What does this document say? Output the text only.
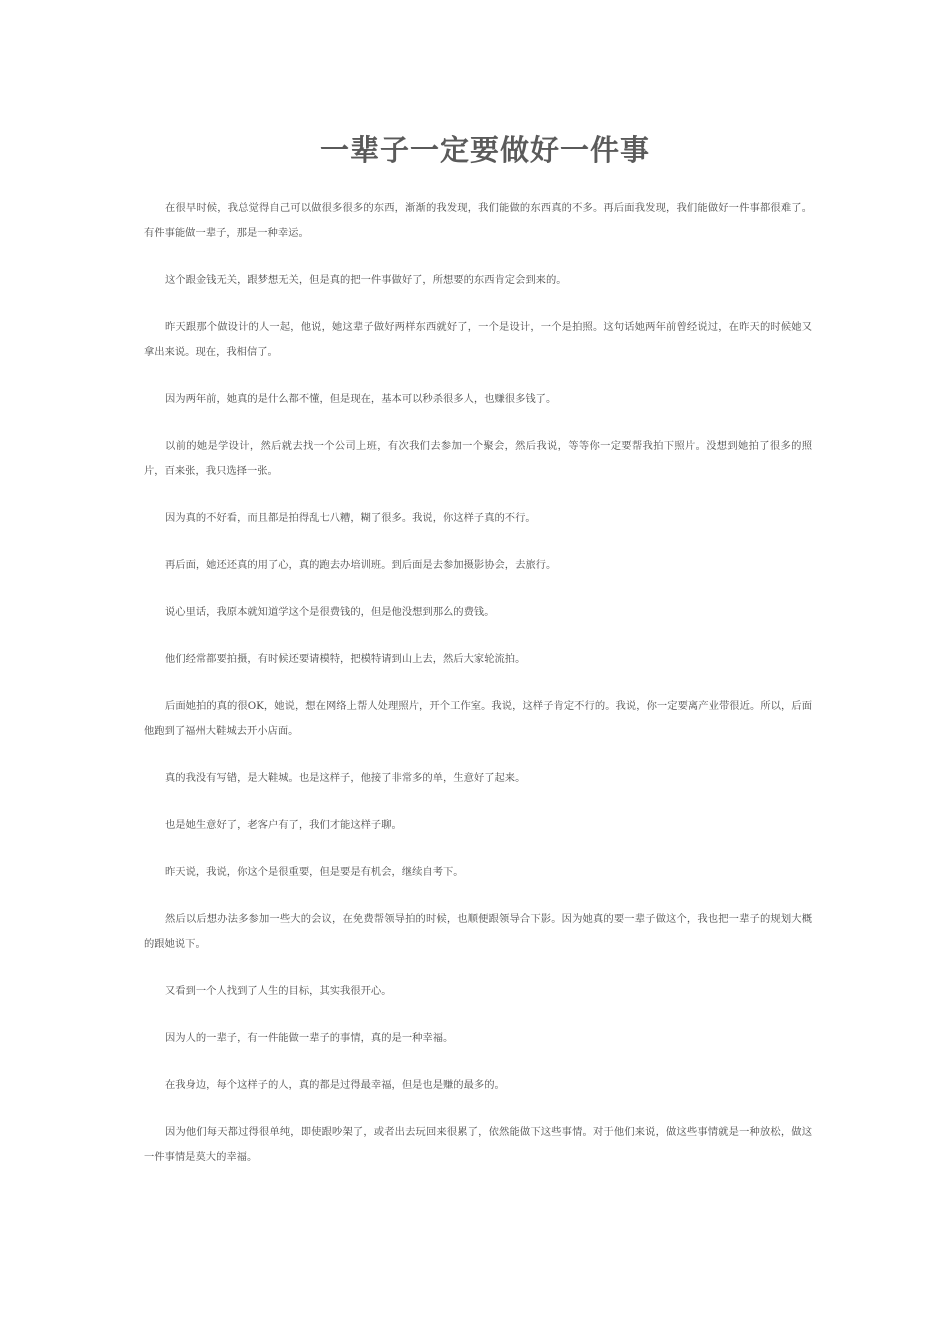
一辈子一定要做好一件事

在很早时候，我总觉得自己可以做很多很多的东西，渐渐的我发现，我们能做的东西真的不多。再后面我发现，我们能做好一件事都很难了。有件事能做一辈子，那是一种幸运。

这个跟金钱无关，跟梦想无关，但是真的把一件事做好了，所想要的东西肯定会到来的。

昨天跟那个做设计的人一起，他说，她这辈子做好两样东西就好了，一个是设计，一个是拍照。这句话她两年前曾经说过，在昨天的时候她又拿出来说。现在，我相信了。

因为两年前，她真的是什么都不懂，但是现在，基本可以秒杀很多人，也赚很多钱了。

以前的她是学设计，然后就去找一个公司上班，有次我们去参加一个聚会，然后我说，等等你一定要帮我拍下照片。没想到她拍了很多的照片，百来张，我只选择一张。

因为真的不好看，而且都是拍得乱七八糟，糊了很多。我说，你这样子真的不行。

再后面，她还还真的用了心，真的跑去办培训班。到后面是去参加摄影协会，去旅行。

说心里话，我原本就知道学这个是很费钱的，但是他没想到那么的费钱。

他们经常都要拍摄，有时候还要请模特，把模特请到山上去，然后大家轮流拍。

后面她拍的真的很OK，她说，想在网络上帮人处理照片，开个工作室。我说，这样子肯定不行的。我说，你一定要离产业带很近。所以，后面他跑到了福州大鞋城去开小店面。

真的我没有写错，是大鞋城。也是这样子，他接了非常多的单，生意好了起来。

也是她生意好了，老客户有了，我们才能这样子聊。

昨天说，我说，你这个是很重要，但是要是有机会，继续自考下。

然后以后想办法多参加一些大的会议，在免费帮领导拍的时候，也顺便跟领导合下影。因为她真的要一辈子做这个，我也把一辈子的规划大概的跟她说下。

又看到一个人找到了人生的目标，其实我很开心。

因为人的一辈子，有一件能做一辈子的事情，真的是一种幸福。

在我身边，每个这样子的人，真的都是过得最幸福，但是也是赚的最多的。

因为他们每天都过得很单纯，即使跟吵架了，或者出去玩回来很累了，依然能做下这些事情。对于他们来说，做这些事情就是一种放松，做这一件事情是莫大的幸福。
